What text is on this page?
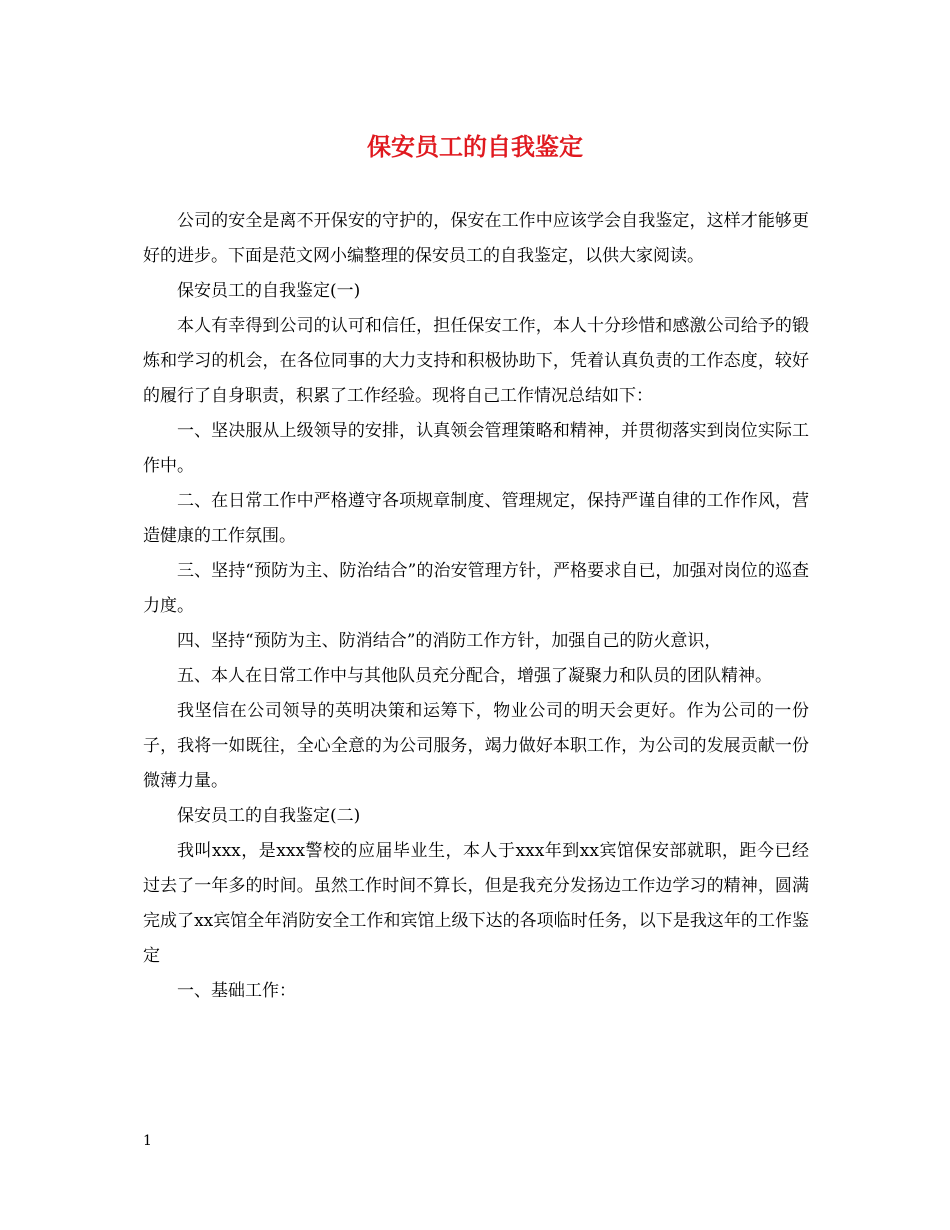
保安员工的自我鉴定

公司的安全是离不开保安的守护的，保安在工作中应该学会自我鉴定，这样才能够更好的进步。下面是范文网小编整理的保安员工的自我鉴定，以供大家阅读。

保安员工的自我鉴定(一)

本人有幸得到公司的认可和信任，担任保安工作，本人十分珍惜和感激公司给予的锻炼和学习的机会，在各位同事的大力支持和积极协助下，凭着认真负责的工作态度，较好的履行了自身职责，积累了工作经验。现将自己工作情况总结如下：

一、坚决服从上级领导的安排，认真领会管理策略和精神，并贯彻落实到岗位实际工作中。

二、在日常工作中严格遵守各项规章制度、管理规定，保持严谨自律的工作作风，营造健康的工作氛围。

三、坚持“预防为主、防治结合”的治安管理方针，严格要求自已，加强对岗位的巡查力度。

四、坚持“预防为主、防消结合”的消防工作方针，加强自己的防火意识，

五、本人在日常工作中与其他队员充分配合，增强了凝聚力和队员的团队精神。

我坚信在公司领导的英明决策和运筹下，物业公司的明天会更好。作为公司的一份子，我将一如既往，全心全意的为公司服务，竭力做好本职工作，为公司的发展贡献一份微薄力量。

保安员工的自我鉴定(二)

我叫xxx，是xxx警校的应届毕业生，本人于xxx年到xx宾馆保安部就职，距今已经过去了一年多的时间。虽然工作时间不算长，但是我充分发扬边工作边学习的精神，圆满完成了xx宾馆全年消防安全工作和宾馆上级下达的各项临时任务，以下是我这年的工作鉴定

一、基础工作：

1
